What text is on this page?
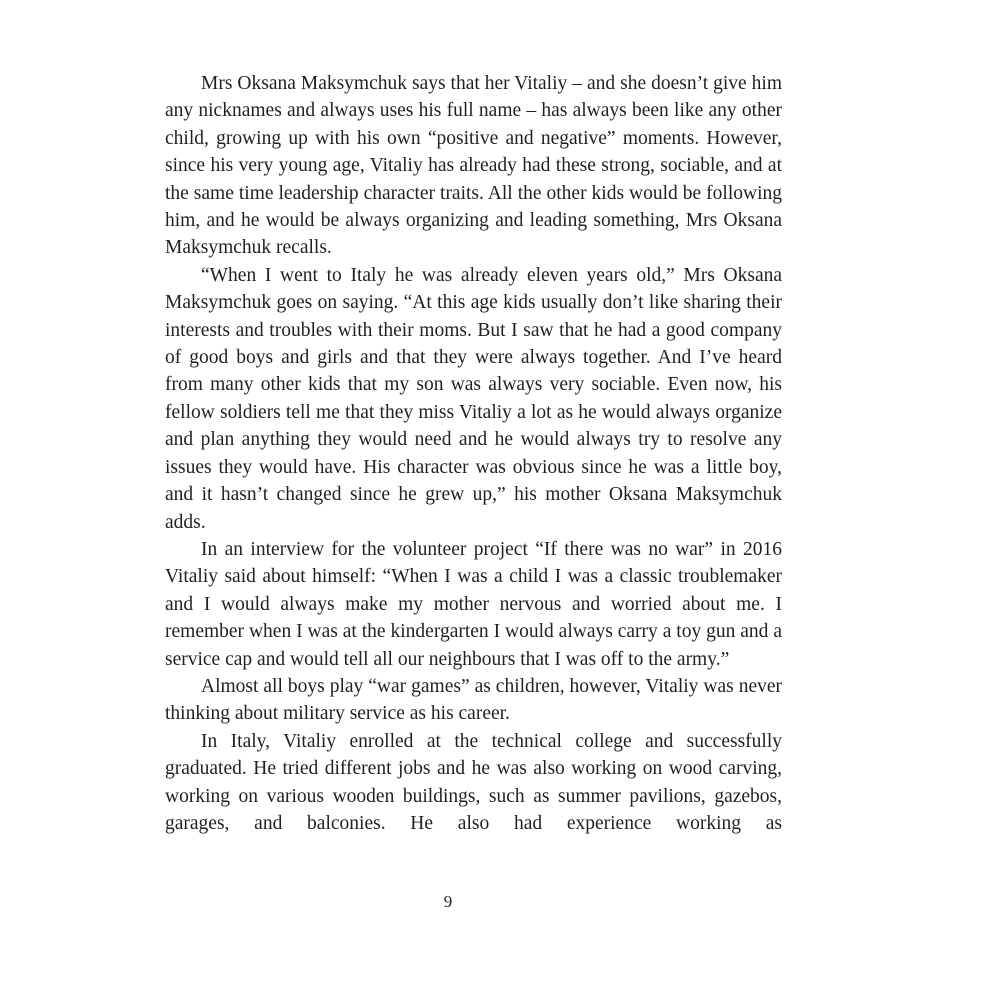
Mrs Oksana Maksymchuk says that her Vitaliy – and she doesn’t give him any nicknames and always uses his full name – has always been like any other child, growing up with his own “positive and negative” moments. However, since his very young age, Vitaliy has already had these strong, sociable, and at the same time leadership character traits. All the other kids would be following him, and he would be always organizing and leading something, Mrs Oksana Maksymchuk recalls.

“When I went to Italy he was already eleven years old,” Mrs Oksana Maksymchuk goes on saying. “At this age kids usually don’t like sharing their interests and troubles with their moms. But I saw that he had a good company of good boys and girls and that they were always together. And I’ve heard from many other kids that my son was always very sociable. Even now, his fellow soldiers tell me that they miss Vitaliy a lot as he would always organize and plan anything they would need and he would always try to resolve any issues they would have. His character was obvious since he was a little boy, and it hasn’t changed since he grew up,” his mother Oksana Maksymchuk adds.

In an interview for the volunteer project “If there was no war” in 2016 Vitaliy said about himself: “When I was a child I was a classic troublemaker and I would always make my mother nervous and worried about me. I remember when I was at the kindergarten I would always carry a toy gun and a service cap and would tell all our neighbours that I was off to the army.”

Almost all boys play “war games” as children, however, Vitaliy was never thinking about military service as his career.

In Italy, Vitaliy enrolled at the technical college and successfully graduated. He tried different jobs and he was also working on wood carving, working on various wooden buildings, such as summer pavilions, gazebos, garages, and balconies. He also had experience working as

9
